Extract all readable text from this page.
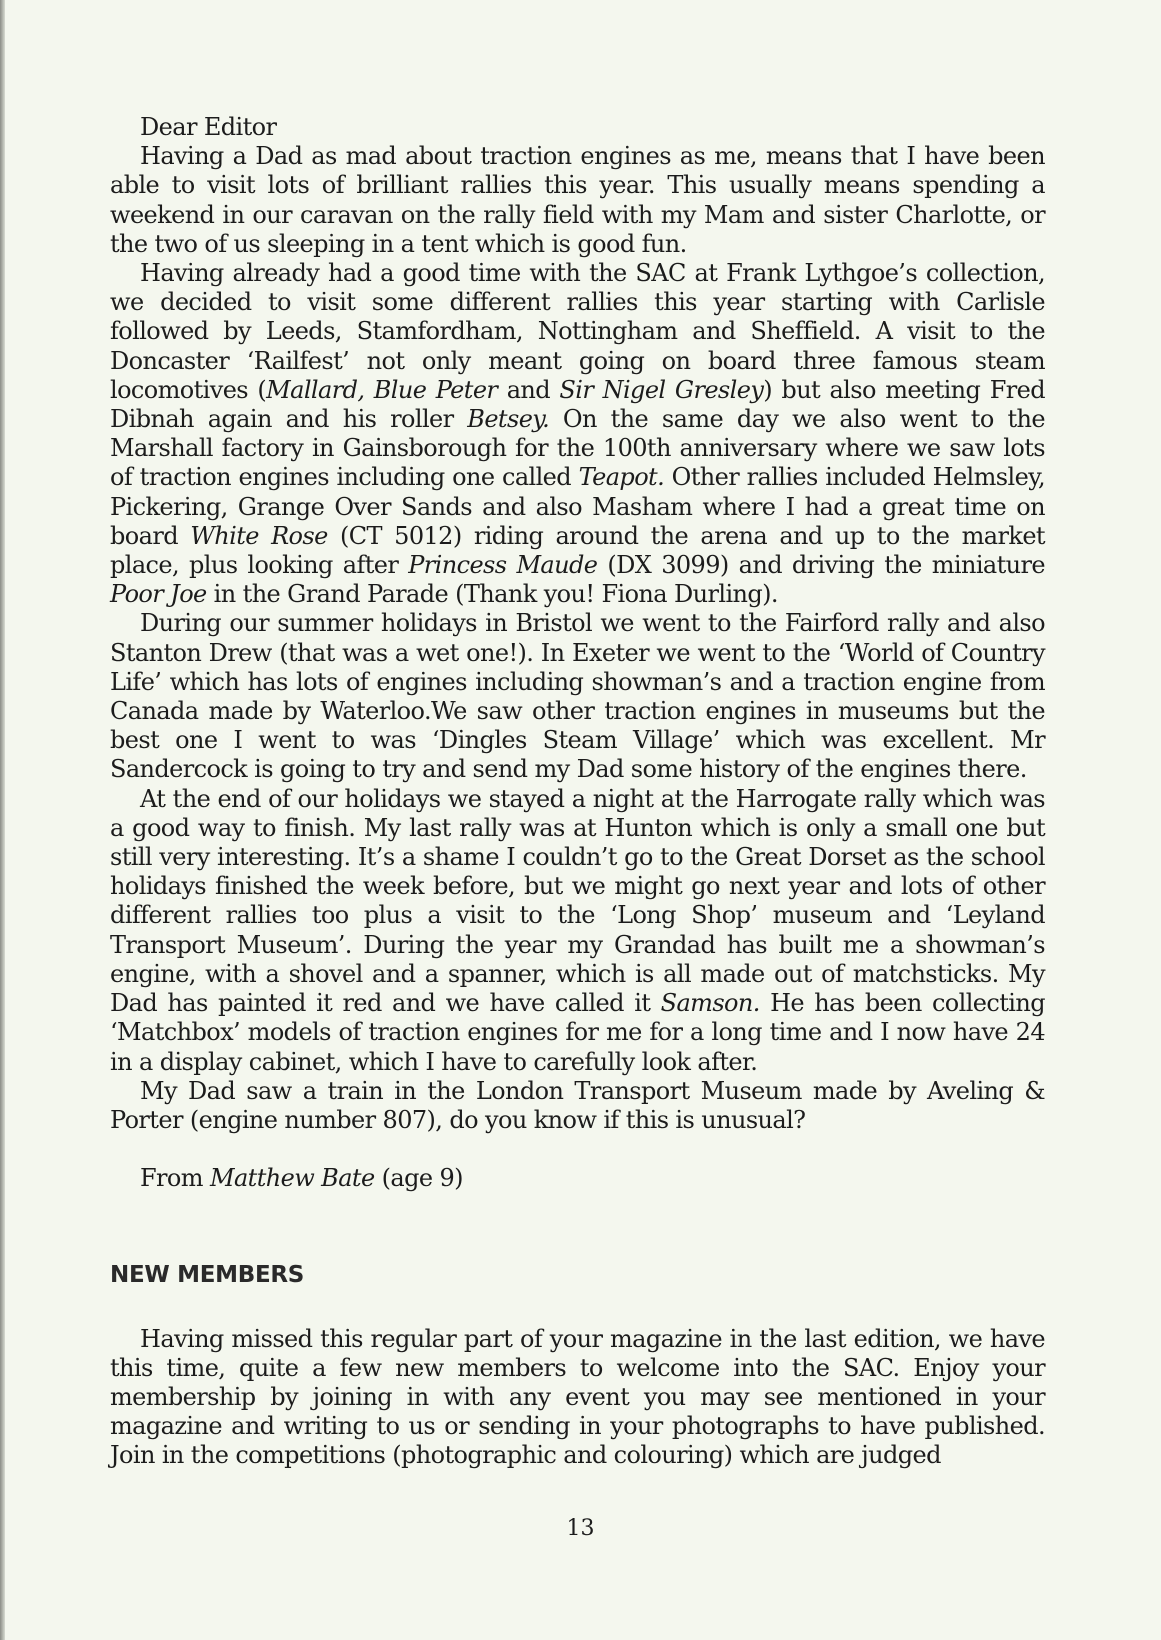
Dear Editor

Having a Dad as mad about traction engines as me, means that I have been able to visit lots of brilliant rallies this year. This usually means spending a weekend in our caravan on the rally field with my Mam and sister Charlotte, or the two of us sleeping in a tent which is good fun.

Having already had a good time with the SAC at Frank Lythgoe’s collection, we decided to visit some different rallies this year starting with Carlisle followed by Leeds, Stamfordham, Nottingham and Sheffield. A visit to the Doncaster ‘Railfest’ not only meant going on board three famous steam locomotives (Mallard, Blue Peter and Sir Nigel Gresley) but also meeting Fred Dibnah again and his roller Betsey. On the same day we also went to the Marshall factory in Gainsborough for the 100th anniversary where we saw lots of traction engines including one called Teapot. Other rallies included Helmsley, Pickering, Grange Over Sands and also Masham where I had a great time on board White Rose (CT 5012) riding around the arena and up to the market place, plus looking after Princess Maude (DX 3099) and driving the miniature Poor Joe in the Grand Parade (Thank you! Fiona Durling).

During our summer holidays in Bristol we went to the Fairford rally and also Stanton Drew (that was a wet one!). In Exeter we went to the ‘World of Country Life’ which has lots of engines including showman’s and a traction engine from Canada made by Waterloo.We saw other traction engines in museums but the best one I went to was ‘Dingles Steam Village’ which was excellent. Mr Sandercock is going to try and send my Dad some history of the engines there.

At the end of our holidays we stayed a night at the Harrogate rally which was a good way to finish. My last rally was at Hunton which is only a small one but still very interesting. It’s a shame I couldn’t go to the Great Dorset as the school holidays finished the week before, but we might go next year and lots of other different rallies too plus a visit to the ‘Long Shop’ museum and ‘Leyland Transport Museum’. During the year my Grandad has built me a showman’s engine, with a shovel and a spanner, which is all made out of matchsticks. My Dad has painted it red and we have called it Samson. He has been collecting ‘Matchbox’ models of traction engines for me for a long time and I now have 24 in a display cabinet, which I have to carefully look after.

My Dad saw a train in the London Transport Museum made by Aveling & Porter (engine number 807), do you know if this is unusual?

From Matthew Bate (age 9)
NEW MEMBERS

Having missed this regular part of your magazine in the last edition, we have this time, quite a few new members to welcome into the SAC. Enjoy your membership by joining in with any event you may see mentioned in your magazine and writing to us or sending in your photographs to have published. Join in the competitions (photographic and colouring) which are judged

13
